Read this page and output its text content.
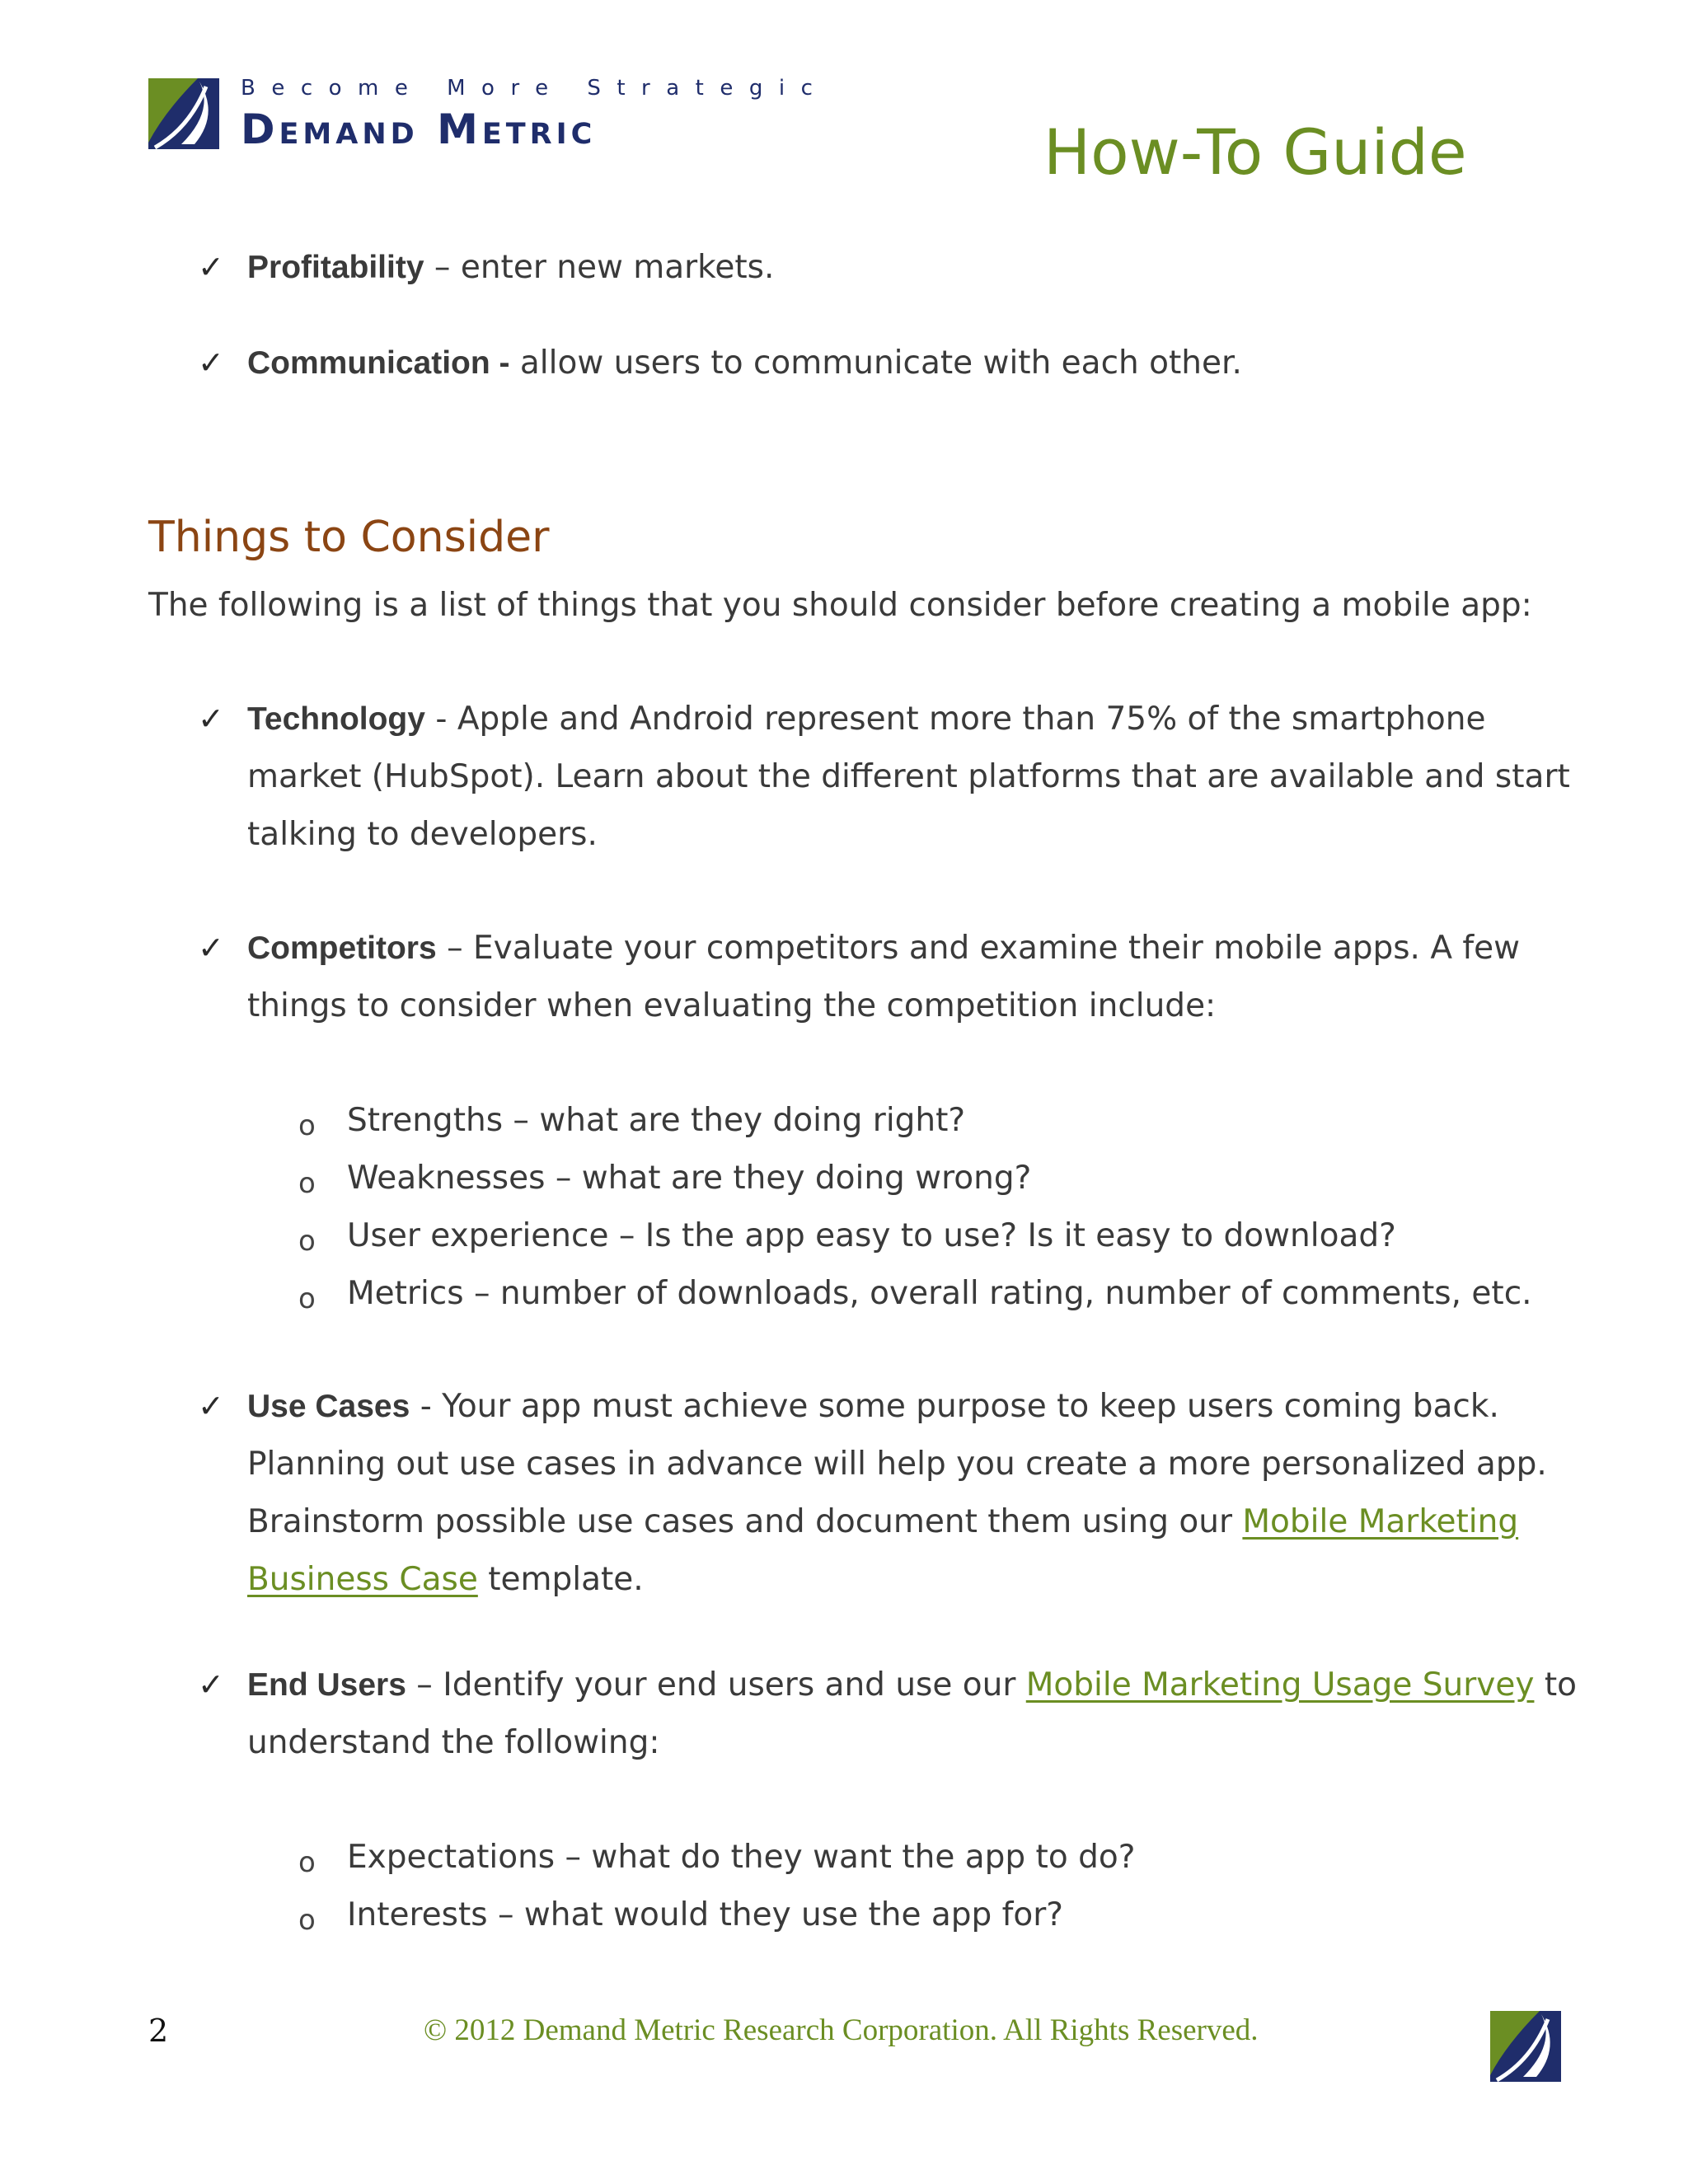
Become More Strategic
Demand Metric	How-To Guide
✓ Profitability – enter new markets.
✓ Communication - allow users to communicate with each other.
Things to Consider
The following is a list of things that you should consider before creating a mobile app:
✓ Technology - Apple and Android represent more than 75% of the smartphone
market (HubSpot). Learn about the different platforms that are available and start
talking to developers.
✓ Competitors – Evaluate your competitors and examine their mobile apps. A few
things to consider when evaluating the competition include:
o Strengths – what are they doing right?
o Weaknesses – what are they doing wrong?
o User experience – Is the app easy to use? Is it easy to download?
o Metrics – number of downloads, overall rating, number of comments, etc.
✓ Use Cases - Your app must achieve some purpose to keep users coming back.
Planning out use cases in advance will help you create a more personalized app.
Brainstorm possible use cases and document them using our Mobile Marketing
Business Case template.
✓ End Users – Identify your end users and use our Mobile Marketing Usage Survey to
understand the following:
o Expectations – what do they want the app to do?
o Interests – what would they use the app for?
2	© 2012 Demand Metric Research Corporation. All Rights Reserved.
